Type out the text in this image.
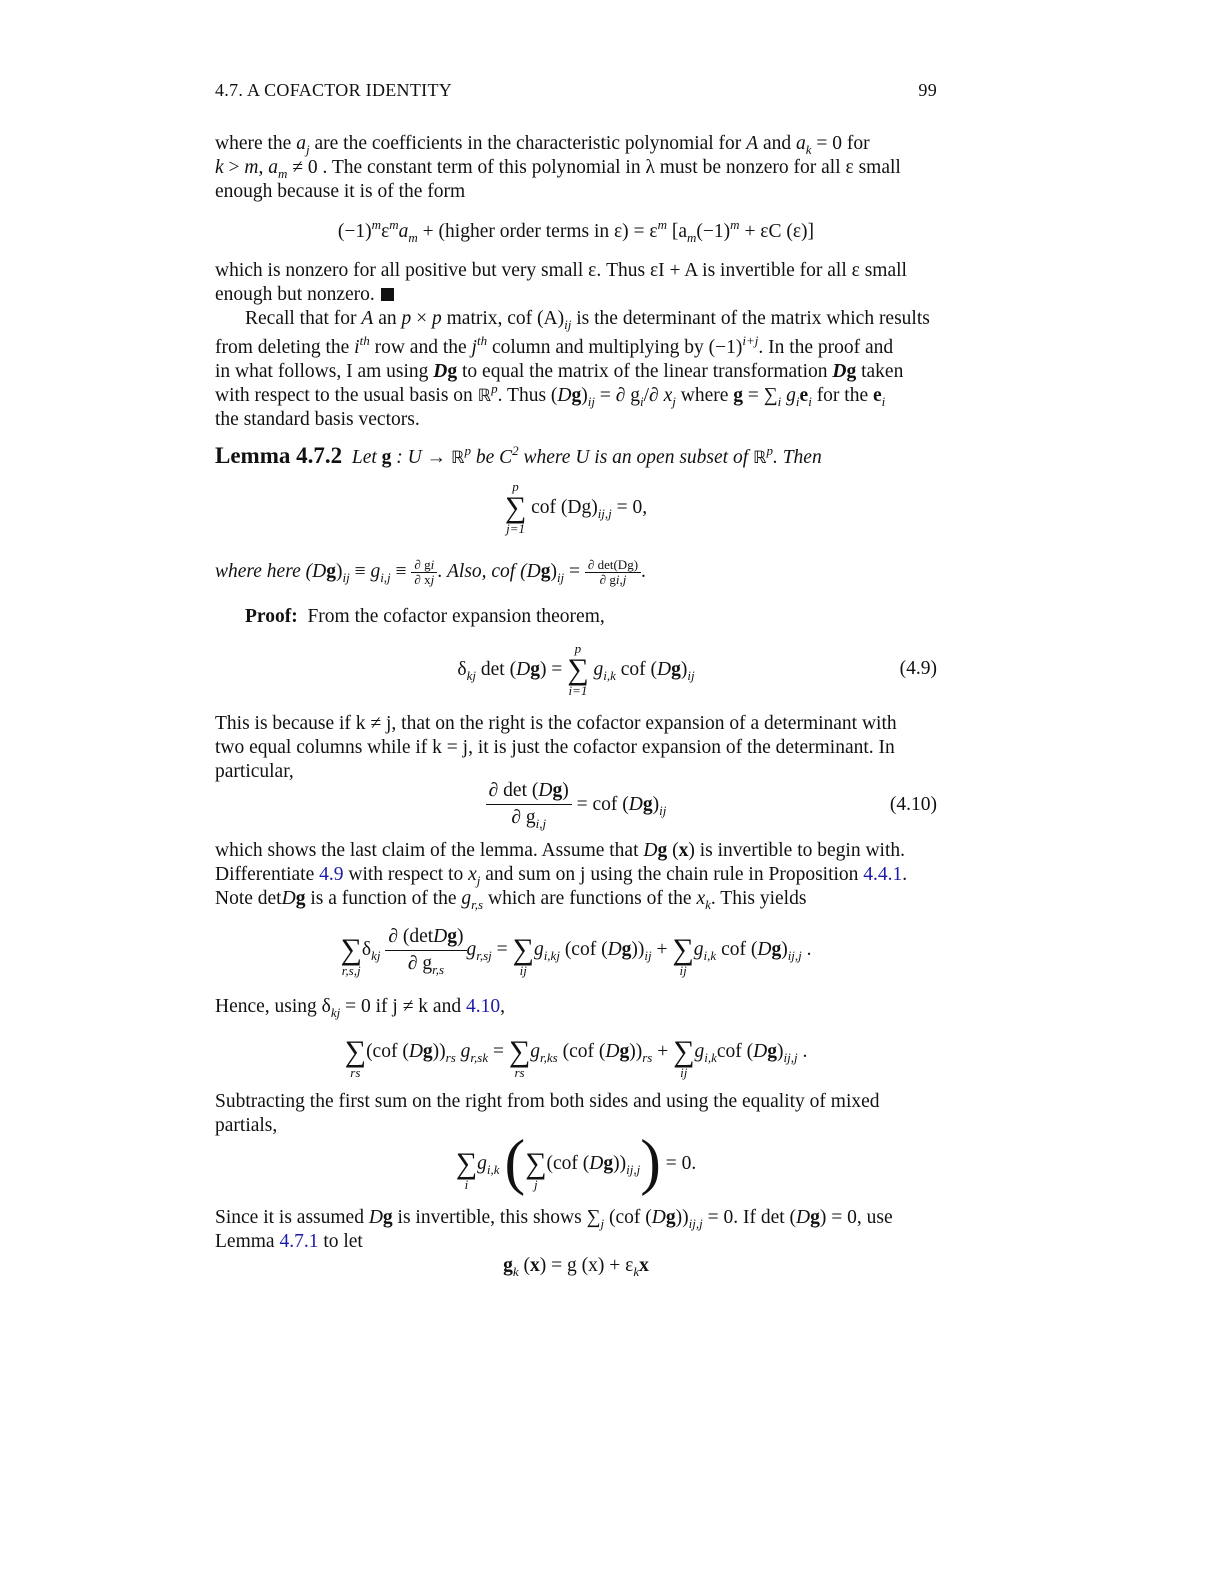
4.7. A COFACTOR IDENTITY	99
where the $a_j$ are the coefficients in the characteristic polynomial for A and $a_k = 0$ for
k > m, $a_m \ne 0$ . The constant term of this polynomial in λ must be nonzero for all ε small
enough because it is of the form
$(-1)^m\varepsilon^ma_m$ + (higher order terms in $\varepsilon) = \varepsilon^m$ [$a_m(-1)^m + \varepsilon C$ (ε)]
which is nonzero for all positive but very small ε. Thus εI + A is invertible for all ε small
enough but nonzero.
Recall that for A an p × p matrix, cof $(A)_{ij}$ is the determinant of the matrix which results
from deleting the $i^{th}$ row and the $j^{th}$ column and multiplying by $(-1)^{i+j}$. In the proof and
in what follows, I am using Dg to equal the matrix of the linear transformation Dg taken
with respect to the usual basis on ℝ$^p$. Thus $(Dg)_{ij}$ = ∂ $g_i/\partial$ $x_j$ where $g = \sum_i$ $g_ie_i$ for the $e_i$
the standard basis vectors.
Lemma 4.7.2 Let g : U → ℝ$^p$ be $C^2$ where U is an open subset of ℝ$^p$. Then
p
∑
j=1
cof $(Dg)_{ij,j} = 0$,
where here $(Dg)_{ij} \equiv g_{i,j} \equiv \frac{\partial gi}{\partial xj}$ . Also, cof $(Dg)_{ij} = \frac{\partial \det(Dg)}{\partial gi,j}$ .
Proof: From the cofactor expansion theorem,
$\delta_{kj}$ det (Dg) =
p
∑
i=1
$g_{i,k}$ cof $(Dg)_{ij}$	(4.9)
This is because if k ≠ j, that on the right is the cofactor expansion of a determinant with
two equal columns while if k = j, it is just the cofactor expansion of the determinant. In
particular,
$\frac{\partial \det (Dg)}{\partial g_{i,j}}$ = cof $(Dg)_{ij}$	(4.10)
which shows the last claim of the lemma. Assume that Dg (x) is invertible to begin with.
Differentiate 4.9 with respect to $x_j$ and sum on j using the chain rule in Proposition 4.4.1.
Note detDg is a function of the $g_{r,s}$ which are functions of the $x_k$. This yields

∑
r,s,j
$\delta_{kj} \frac{\text{∂ (detDg)}}{\partial g_{r,s}} g_{r,sj}$ =
∑
ij
$g_{i,kj}$ (cof $(Dg))_{ij}$ +
∑
ij
$g_{i,k}$ cof $(Dg)_{ij,j}$ .
Hence, using $\delta_{kj} = 0$ if j ≠ k and 4.10,

∑
rs
(cof $(Dg))_{rs}$ $g_{r,sk}$ =
∑
rs
$g_{r,ks}$ (cof $(Dg))_{rs}$ +
∑
ij
$g_{i,k}cof$ $(Dg)_{ij,j}$ .
Subtracting the first sum on the right from both sides and using the equality of mixed
partials,

∑
i
$g_{i,k}$ (
∑
j
(cof $(Dg))_{ij,j}) = 0$.
Since it is assumed Dg is invertible, this shows $\sum_j$ (cof $(Dg))_{ij,j} = 0$. If det (Dg) = 0, use
Lemma 4.7.1 to let
$g_k$ (x) = g $(x) + \varepsilon_kx$
